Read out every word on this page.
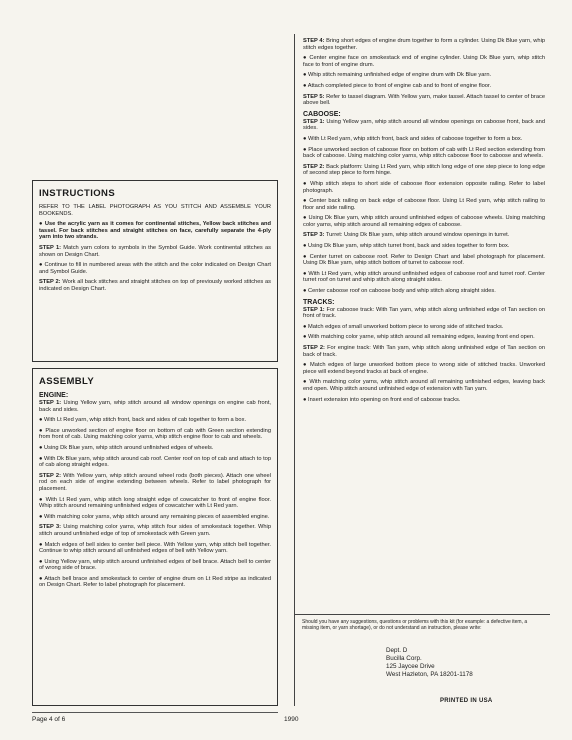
INSTRUCTIONS

REFER TO THE LABEL PHOTOGRAPH AS YOU STITCH AND ASSEMBLE YOUR BOOKENDS.

● Use the acrylic yarn as it comes for continental stitches, Yellow back stitches and tassel. For back stitches and straight stitches on face, carefully separate the 4-ply yarn into two strands.

STEP 1: Match yarn colors to symbols in the Symbol Guide. Work continental stitches as shown on Design Chart.

● Continue to fill in numbered areas with the stitch and the color indicated on Design Chart and Symbol Guide.

STEP 2: Work all back stitches and straight stitches on top of previously worked stitches as indicated on Design Chart.

ASSEMBLY
ENGINE:

STEP 1: Using Yellow yarn, whip stitch around all window openings on engine cab front, back and sides.

● With Lt Red yarn, whip stitch front, back and sides of cab together to form a box.

● Place unworked section of engine floor on bottom of cab with Green section extending from front of cab. Using matching color yarns, whip stitch engine floor to cab and wheels.

● Using Dk Blue yarn, whip stitch around unfinished edges of wheels.

● With Dk Blue yarn, whip stitch around cab roof. Center roof on top of cab and attach to top of cab along straight edges.

STEP 2: With Yellow yarn, whip stitch around wheel rods (both pieces). Attach one wheel rod on each side of engine extending between wheels. Refer to label photograph for placement.

● With Lt Red yarn, whip stitch long straight edge of cowcatcher to front of engine floor. Whip stitch around remaining unfinished edges of cowcatcher with Lt Red yarn.

● With matching color yarns, whip stitch around any remaining pieces of assembled engine.

STEP 3: Using matching color yarns, whip stitch four sides of smokestack together. Whip stitch around unfinished edge of top of smokestack with Green yarn.

● Match edges of bell sides to center bell piece. With Yellow yarn, whip stitch bell together. Continue to whip stitch around all unfinished edges of bell with Yellow yarn.

● Using Yellow yarn, whip stitch around unfinished edges of bell brace. Attach bell to center of wrong side of brace.

● Attach bell brace and smokestack to center of engine drum on Lt Red stripe as indicated on Design Chart. Refer to label photograph for placement.

STEP 4: Bring short edges of engine drum together to form a cylinder. Using Dk Blue yarn, whip stitch edges together.

● Center engine face on smokestack end of engine cylinder. Using Dk Blue yarn, whip stitch face to front of engine drum.

● Whip stitch remaining unfinished edge of engine drum with Dk Blue yarn.

● Attach completed piece to front of engine cab and to front of engine floor.

STEP 5: Refer to tassel diagram. With Yellow yarn, make tassel. Attach tassel to center of brace above bell.

CABOOSE:

STEP 1: Using Yellow yarn, whip stitch around all window openings on caboose front, back and sides.

● With Lt Red yarn, whip stitch front, back and sides of caboose together to form a box.

● Place unworked section of caboose floor on bottom of cab with Lt Red section extending from back of caboose. Using matching color yarns, whip stitch caboose floor to caboose and wheels.

STEP 2: Back platform: Using Lt Red yarn, whip stitch long edge of one step piece to long edge of second step piece to form hinge.

● Whip stitch steps to short side of caboose floor extension opposite railing. Refer to label photograph.

● Center back railing on back edge of caboose floor. Using Lt Red yarn, whip stitch railing to floor and side railing.

● Using Dk Blue yarn, whip stitch around unfinished edges of caboose wheels. Using matching color yarns, whip stitch around all remaining edges of caboose.

STEP 3: Turret: Using Dk Blue yarn, whip stitch around window openings in turret.

● Using Dk Blue yarn, whip stitch turret front, back and sides together to form box.

● Center turret on caboose roof. Refer to Design Chart and label photograph for placement. Using Dk Blue yarn, whip stitch bottom of turret to caboose roof.

● With Lt Red yarn, whip stitch around unfinished edges of caboose roof and turret roof. Center turret roof on turret and whip stitch along straight sides.

● Center caboose roof on caboose body and whip stitch along straight sides.

TRACKS:

STEP 1: For caboose track: With Tan yarn, whip stitch along unfinished edge of Tan section on front of track.

● Match edges of small unworked bottom piece to wrong side of stitched tracks.

● With matching color yarne, whip stitch around all remaining edges, leaving front end open.

STEP 2: For engine track: With Tan yarn, whip stitch along unfinished edge of Tan section on back of track.

● Match edges of large unworked bottom piece to wrong side of stitched tracks. Unworked piece will extend beyond tracks at back of engine.

● With matching color yarns, whip stitch around all remaining unfinished edges, leaving back end open. Whip stitch around unfinished edge of extension with Tan yarn.

● Insert extension into opening on front end of caboose tracks.

Should you have any suggestions, questions or problems with this kit (for example: a defective item, a missing item, or yarn shortage), or do not understand an instruction, please write:
Dept. D
Bucilla Corp.
125 Jaycee Drive
West Hazleton, PA 18201-1178
Page 4 of 6	1990
PRINTED IN USA
